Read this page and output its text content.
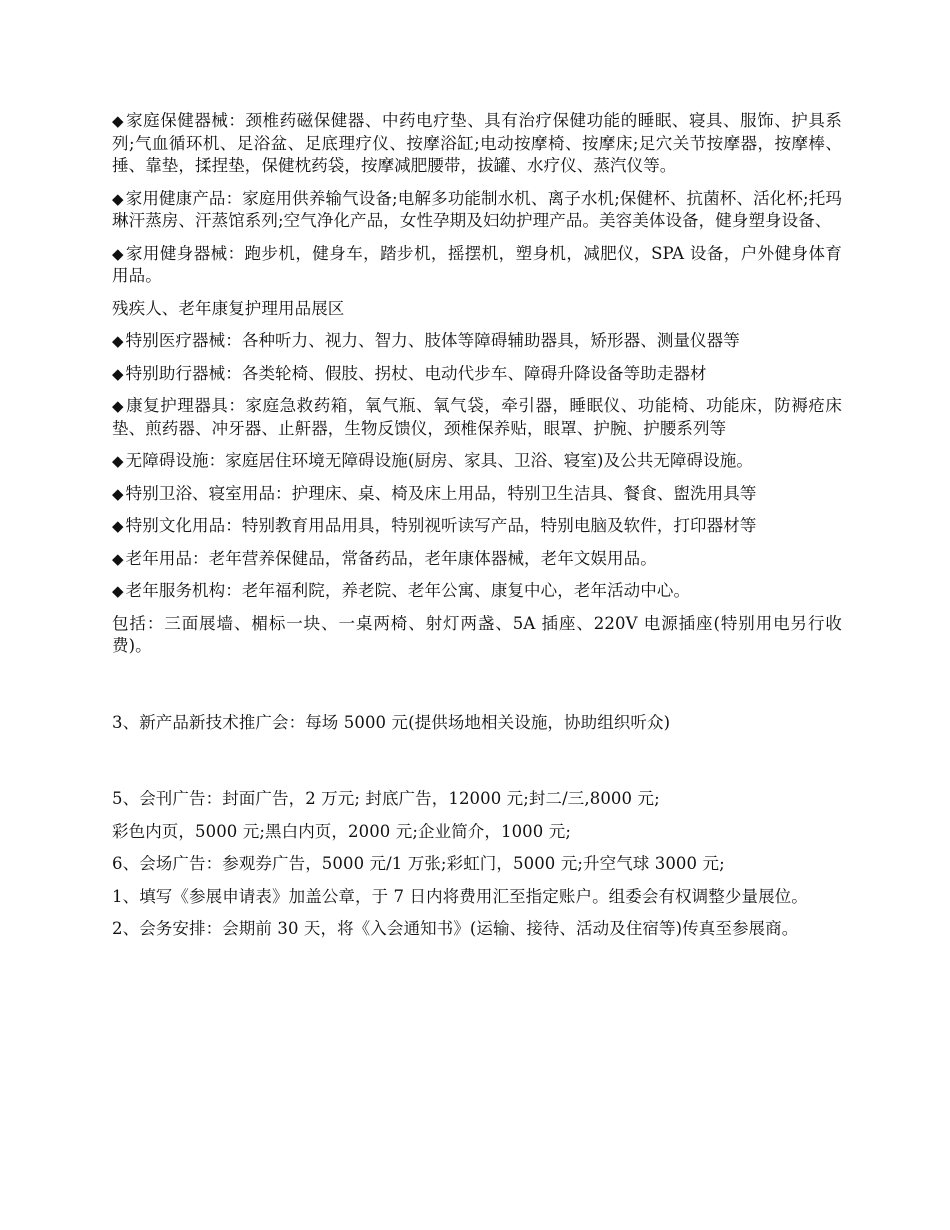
◆ 家庭保健器械：颈椎药磁保健器、中药电疗垫、具有治疗保健功能的睡眠、寝具、服饰、护具系列;气血循环机、足浴盆、足底理疗仪、按摩浴缸;电动按摩椅、按摩床;足穴关节按摩器，按摩棒、捶、靠垫，揉捏垫，保健枕药袋，按摩减肥腰带，拔罐、水疗仪、蒸汽仪等。

◆ 家用健康产品：家庭用供养输气设备;电解多功能制水机、离子水机;保健杯、抗菌杯、活化杯;托玛琳汗蒸房、汗蒸馆系列;空气净化产品，女性孕期及妇幼护理产品。美容美体设备，健身塑身设备、

◆ 家用健身器械：跑步机，健身车，踏步机，摇摆机，塑身机，减肥仪，SPA 设备，户外健身体育用品。

残疾人、老年康复护理用品展区

◆ 特别医疗器械：各种听力、视力、智力、肢体等障碍辅助器具，矫形器、测量仪器等

◆ 特别助行器械：各类轮椅、假肢、拐杖、电动代步车、障碍升降设备等助走器材

◆ 康复护理器具：家庭急救药箱，氧气瓶、氧气袋，牵引器，睡眠仪、功能椅、功能床，防褥疮床垫、煎药器、冲牙器、止鼾器，生物反馈仪，颈椎保养贴，眼罩、护腕、护腰系列等

◆ 无障碍设施：家庭居住环境无障碍设施(厨房、家具、卫浴、寝室)及公共无障碍设施。

◆ 特别卫浴、寝室用品：护理床、桌、椅及床上用品，特别卫生洁具、餐食、盥洗用具等

◆ 特别文化用品：特别教育用品用具，特别视听读写产品，特别电脑及软件，打印器材等

◆ 老年用品：老年营养保健品，常备药品，老年康体器械，老年文娱用品。

◆ 老年服务机构：老年福利院，养老院、老年公寓、康复中心，老年活动中心。

包括：三面展墙、楣标一块、一桌两椅、射灯两盏、5A 插座、220V 电源插座(特别用电另行收费)。

3、新产品新技术推广会：每场 5000 元(提供场地相关设施，协助组织听众)

5、会刊广告：封面广告，2 万元; 封底广告，12000 元;封二/三,8000 元;

彩色内页，5000 元;黑白内页，2000 元;企业简介，1000 元;

6、会场广告：参观券广告，5000 元/1 万张;彩虹门，5000 元;升空气球 3000 元;

1、填写《参展申请表》加盖公章，于 7 日内将费用汇至指定账户。组委会有权调整少量展位。

2、会务安排：会期前 30 天，将《入会通知书》(运输、接待、活动及住宿等)传真至参展商。
